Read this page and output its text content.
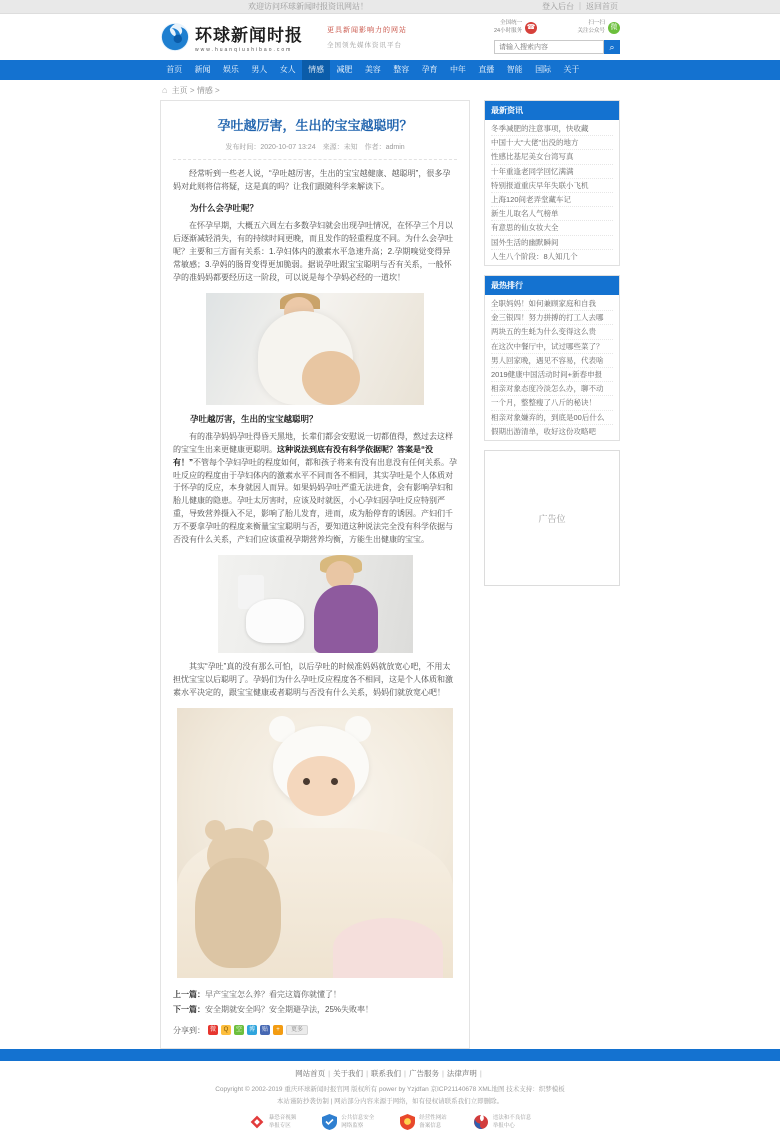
欢迎访问环球新闻时报资讯网站！	登入后台 ｜ 返回首页
环球新闻时报
www.huanqiushibao.com
更具新闻影响力的网站
全国领先媒体资讯平台
全国统一
24小时服务 ☎
扫一扫
关注公众号 微
请输入搜索内容
⌕
首页	新闻	娱乐	男人	女人	情感	减肥	美容	整容	孕育	中年	直播	智能	国际	关于
⌂ 主页 > 情感 >
孕吐越厉害，生出的宝宝越聪明？
发布时间：2020-10-07 13:24　来源：未知　作者：admin

经常听到一些老人说，“孕吐越厉害，生出的宝宝越健康、越聪明”，很多孕妈对此则将信将疑，这是真的吗？让我们跟随科学来解读下。

为什么会孕吐呢？

在怀孕早期，大概五六周左右多数孕妇就会出现孕吐情况，在怀孕三个月以后逐渐减轻消失，有的持续时间更晚，而且发作的轻重程度不同。为什么会孕吐呢？主要和三方面有关系：1.孕妇体内的激素水平急速升高；2.孕期嗅觉变得异常敏感；3.孕妈的肠胃变得更加脆弱。据说孕吐跟宝宝聪明与否有关系，一般怀孕的准妈妈都要经历这一阶段，可以说是每个孕妈必经的一道坎！

孕吐越厉害，生出的宝宝越聪明？

有的准孕妈妈孕吐得昏天黑地，长辈们都会安慰说一切都值得，熬过去这样的宝宝生出来更健康更聪明。这种说法到底有没有科学依据呢？答案是“没有！”不管每个孕妇孕吐的程度如何，都和孩子将来有没有出息没有任何关系。孕吐反应的程度由于孕妇体内的激素水平不同而各不相同，其实孕吐是个人体质对于怀孕的反应，本身就因人而异。如果妈妈孕吐严重无法进食，会有影响孕妇和胎儿健康的隐患。孕吐太厉害时，应该及时就医，小心孕妇因孕吐反应特别严重，导致营养摄入不足，影响了胎儿发育，进而，成为胎停育的诱因。产妇们千万不要拿孕吐的程度来衡量宝宝聪明与否，要知道这种说法完全没有科学依据与否没有什么关系，产妇们应该重视孕期营养均衡，方能生出健康的宝宝。

其实“孕吐”真的没有那么可怕，以后孕吐的时候准妈妈就放宽心吧，不用太担忧宝宝以后聪明了。孕妈们为什么孕吐反应程度各不相同，这是个人体质和激素水平决定的，跟宝宝健康或者聪明与否没有什么关系，妈妈们就放宽心吧！

上一篇：早产宝宝怎么养？看完这篇你就懂了！
下一篇：安全期就安全吗？安全期避孕法，25%失败率！
分享到： 微	Q	空	博	贴	+	更多
最新资讯
冬季减肥的注意事项，快收藏
中国十大“大佬”出没的地方
性感比基尼美女台湾写真
十年重逢老同学回忆满满
特别报道重庆早年失联小飞机
上海120间老弄堂藏车记
新生儿取名人气榜单
有意思的仙女妆大全
国外生活的幽默瞬间
人生八个阶段：8人知几个
最热排行
全职妈妈！如何兼顾家庭和自我
金三银四！努力拼搏的打工人去哪
两块五的生蚝为什么变得这么贵
在这次中餐厅中，试过哪些菜了？
男人回家晚，遇见不容易，代表啥
2019健康中国活动时间+新春申报
相亲对象态度冷淡怎么办，聊不动
一个月，整整瘦了八斤的秘诀！
相亲对象嫌弃的，到底是00后什么
假期出游清单，收好这份攻略吧
广告位
网站首页 | 关于我们 | 联系我们 | 广告服务 | 法律声明 |
Copyright © 2002-2019 重庆环球新闻时报官网 版权所有 power by Yzjdfan 京ICP21140678 XML地图 技术支持：织梦模板
本站谨防抄袭仿制 | 网站部分内容来源于网络，如有侵权请联系我们立即删除。
暴恐音视频
举报专区
公共信息安全
网络监察
经营性网站
备案信息
违法和不良信息
举报中心
